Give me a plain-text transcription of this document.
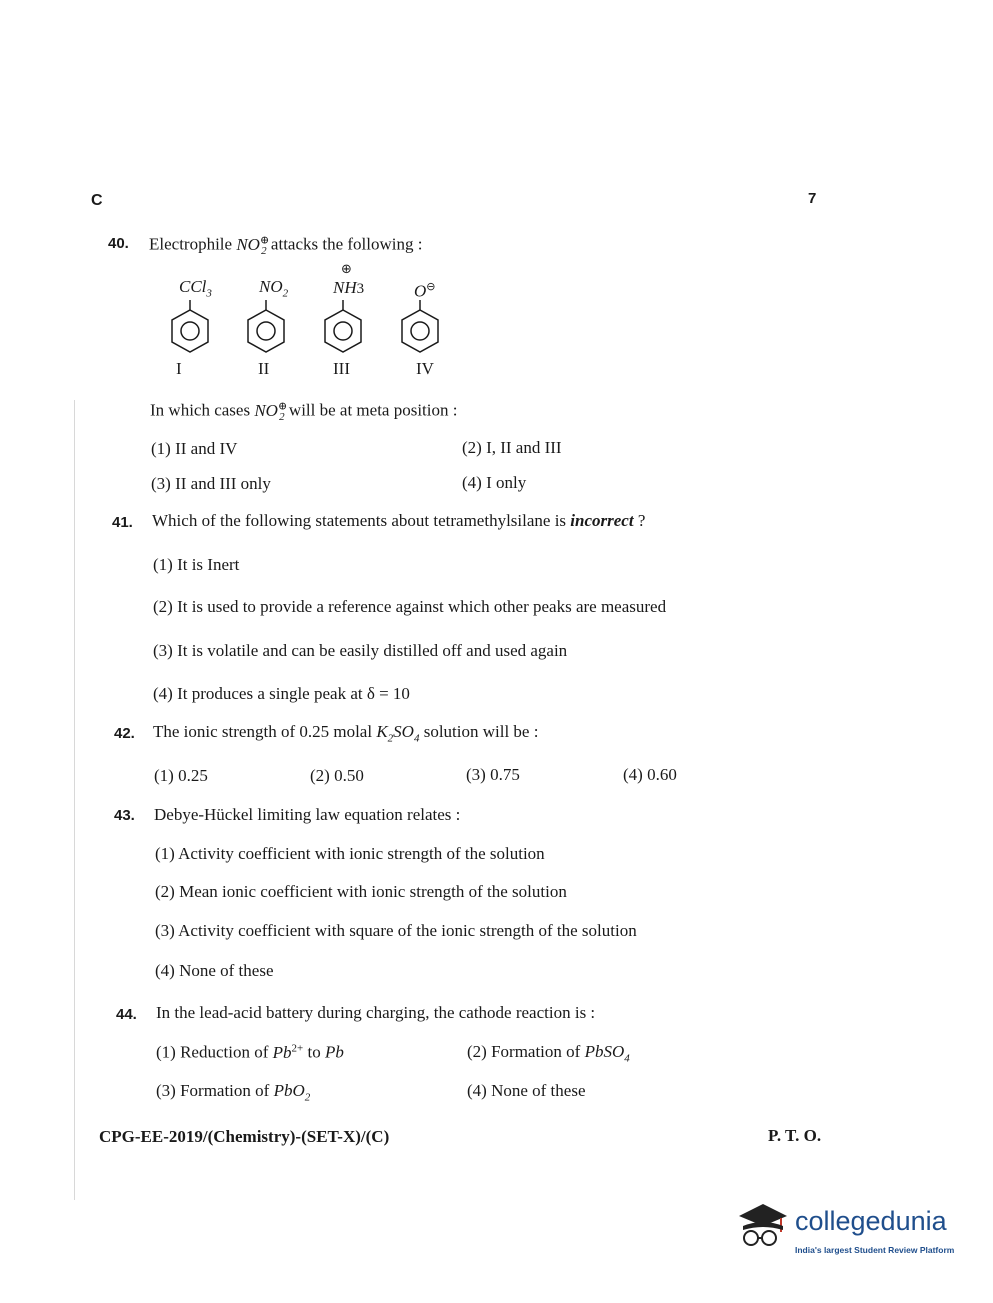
C	7
40. Electrophile $NO^\oplus_2$ attacks the following :
CCl$_3$	$NO_2$
⊕
NH3	O⊖
I	II	III	IV
In which cases $NO^\oplus_2$ will be at meta position :
(1) II and IV	(2) I, II and III
(3) II and III only	(4) I only
41. Which of the following statements about tetramethylsilane is incorrect ?
(1) It is Inert
(2) It is used to provide a reference against which other peaks are measured
(3) It is volatile and can be easily distilled off and used again
(4) It produces a single peak at δ = 10
42. The ionic strength of 0.25 molal $K_2SO_4$ solution will be :
(1) 0.25	(2) 0.50	(3) 0.75	(4) 0.60
43. Debye-Hückel limiting law equation relates :
(1) Activity coefficient with ionic strength of the solution
(2) Mean ionic coefficient with ionic strength of the solution
(3) Activity coefficient with square of the ionic strength of the solution
(4) None of these
44. In the lead-acid battery during charging, the cathode reaction is :
(1) Reduction of $Pb^{2+}$ to Pb	(2) Formation of PbSO$_4$
(3) Formation of PbO$_2$	(4) None of these
CPG-EE-2019/(Chemistry)-(SET-X)/(C)	P. T. O.
collegedunia
India's largest Student Review Platform
